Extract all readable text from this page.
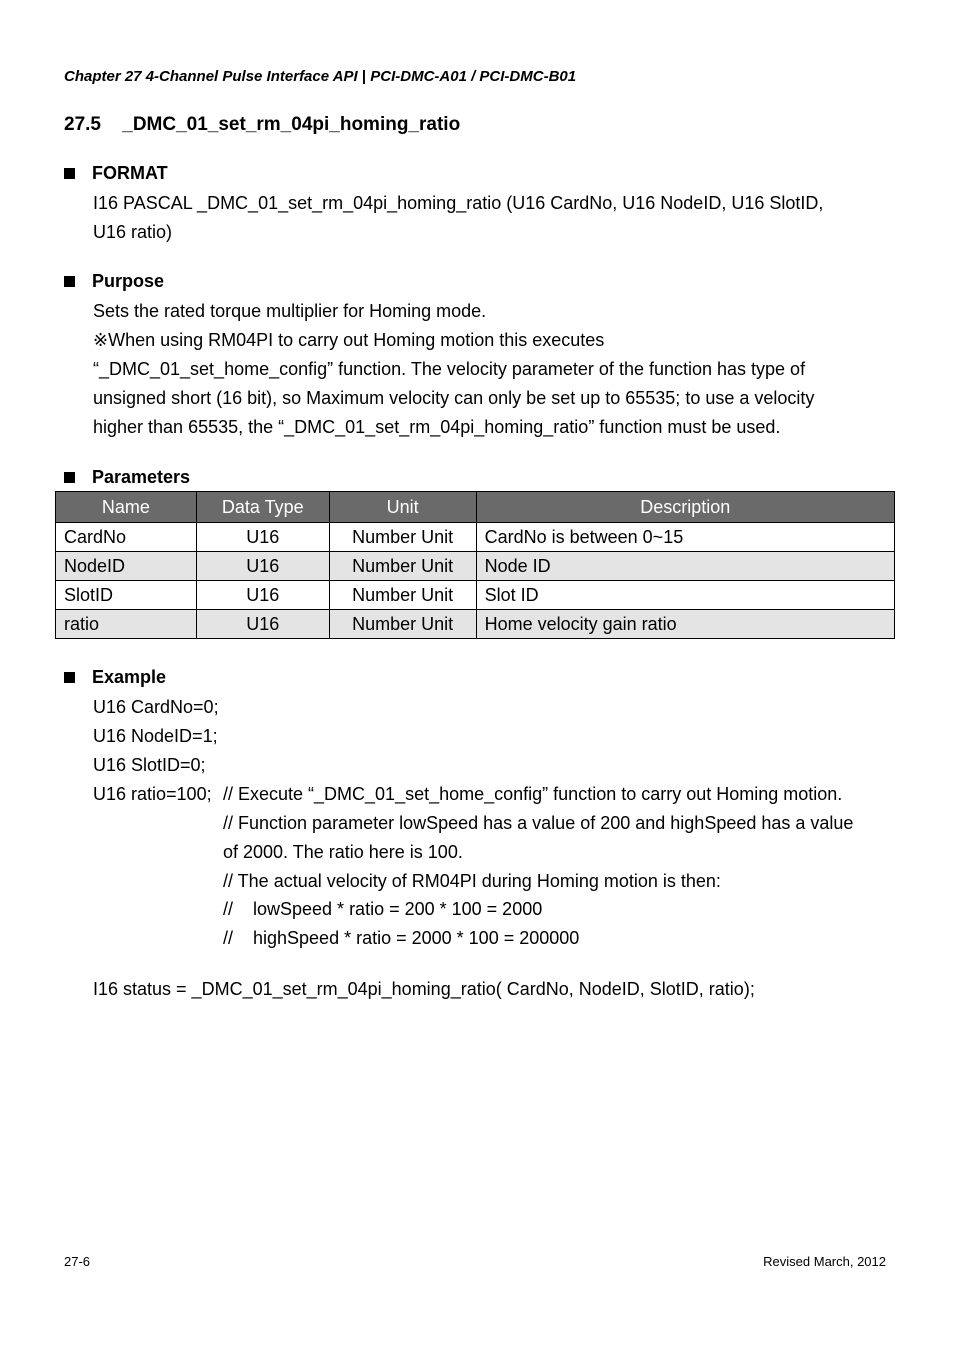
Chapter 27 4-Channel Pulse Interface API | PCI-DMC-A01 / PCI-DMC-B01
27.5 _DMC_01_set_rm_04pi_homing_ratio
FORMAT

I16 PASCAL _DMC_01_set_rm_04pi_homing_ratio (U16 CardNo, U16 NodeID, U16 SlotID,

U16 ratio)

Purpose

Sets the rated torque multiplier for Homing mode.

※When using RM04PI to carry out Homing motion this executes

“_DMC_01_set_home_config” function. The velocity parameter of the function has type of

unsigned short (16 bit), so Maximum velocity can only be set up to 65535; to use a velocity

higher than 65535, the “_DMC_01_set_rm_04pi_homing_ratio” function must be used.

Parameters
Name	Data Type	Unit	Description
CardNo	U16	Number Unit	CardNo is between 0~15
NodeID	U16	Number Unit	Node ID
SlotID	U16	Number Unit	Slot ID
ratio	U16	Number Unit	Home velocity gain ratio
Example
U16 CardNo=0;
U16 NodeID=1;
U16 SlotID=0;
U16 ratio=100; // Execute “_DMC_01_set_home_config” function to carry out Homing motion.
// Function parameter lowSpeed has a value of 200 and highSpeed has a value
of 2000. The ratio here is 100.
// The actual velocity of RM04PI during Homing motion is then:
// lowSpeed * ratio = 200 * 100 = 2000
// highSpeed * ratio = 2000 * 100 = 200000
I16 status = _DMC_01_set_rm_04pi_homing_ratio( CardNo, NodeID, SlotID, ratio);
27-6	Revised March, 2012
